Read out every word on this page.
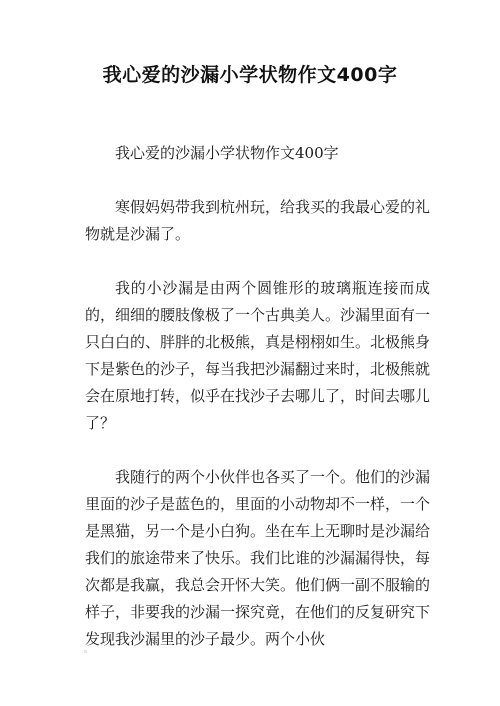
我心爱的沙漏小学状物作文400字

我心爱的沙漏小学状物作文400字

寒假妈妈带我到杭州玩，给我买的我最心爱的礼物就是沙漏了。

我的小沙漏是由两个圆锥形的玻璃瓶连接而成的，细细的腰肢像极了一个古典美人。沙漏里面有一只白白的、胖胖的北极熊，真是栩栩如生。北极熊身下是紫色的沙子，每当我把沙漏翻过来时，北极熊就会在原地打转，似乎在找沙子去哪儿了，时间去哪儿了？

我随行的两个小伙伴也各买了一个。他们的沙漏里面的沙子是蓝色的，里面的小动物却不一样，一个是黑猫，另一个是小白狗。坐在车上无聊时是沙漏给我们的旅途带来了快乐。我们比谁的沙漏漏得快，每次都是我赢，我总会开怀大笑。他们俩一副不服输的样子，非要我的沙漏一探究竟，在他们的反复研究下发现我沙漏里的沙子最少。两个小伙
